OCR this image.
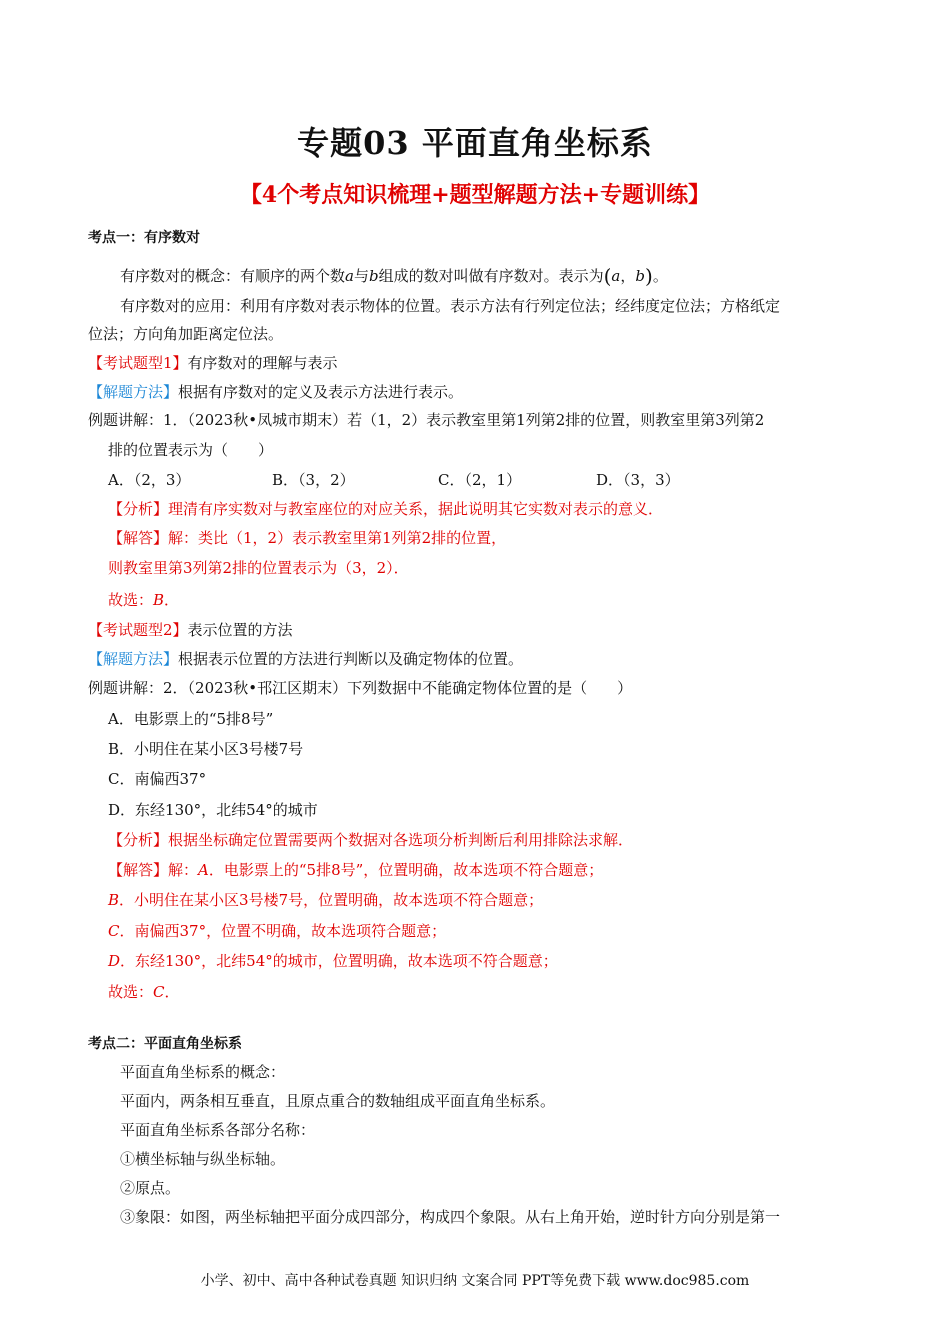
专题03 平面直角坐标系
【4个考点知识梳理+题型解题方法+专题训练】
考点一：有序数对
有序数对的概念：有顺序的两个数a与b组成的数对叫做有序数对。表示为(a，b)。
有序数对的应用：利用有序数对表示物体的位置。表示方法有行列定位法；经纬度定位法；方格纸定
位法；方向角加距离定位法。
【考试题型1】有序数对的理解与表示
【解题方法】根据有序数对的定义及表示方法进行表示。
例题讲解：1．（2023秋•凤城市期末）若（1，2）表示教室里第1列第2排的位置，则教室里第3列第2
排的位置表示为（　　）
A．（2，3）	B．（3，2）	C．（2，1）	D．（3，3）
【分析】理清有序实数对与教室座位的对应关系，据此说明其它实数对表示的意义．
【解答】解：类比（1，2）表示教室里第1列第2排的位置，
则教室里第3列第2排的位置表示为（3，2）．
故选：B．
【考试题型2】表示位置的方法
【解题方法】根据表示位置的方法进行判断以及确定物体的位置。
例题讲解：2．（2023秋•邗江区期末）下列数据中不能确定物体位置的是（　　）
A．电影票上的“5排8号”
B．小明住在某小区3号楼7号
C．南偏西37°
D．东经130°，北纬54°的城市
【分析】根据坐标确定位置需要两个数据对各选项分析判断后利用排除法求解．
【解答】解：A．电影票上的“5排8号”，位置明确，故本选项不符合题意；
B．小明住在某小区3号楼7号，位置明确，故本选项不符合题意；
C．南偏西37°，位置不明确，故本选项符合题意；
D．东经130°，北纬54°的城市，位置明确，故本选项不符合题意；
故选：C．
考点二：平面直角坐标系
平面直角坐标系的概念：
平面内，两条相互垂直，且原点重合的数轴组成平面直角坐标系。
平面直角坐标系各部分名称：
①横坐标轴与纵坐标轴。
②原点。
③象限：如图，两坐标轴把平面分成四部分，构成四个象限。从右上角开始，逆时针方向分别是第一
小学、初中、高中各种试卷真题 知识归纳 文案合同 PPT等免费下载 www.doc985.com
